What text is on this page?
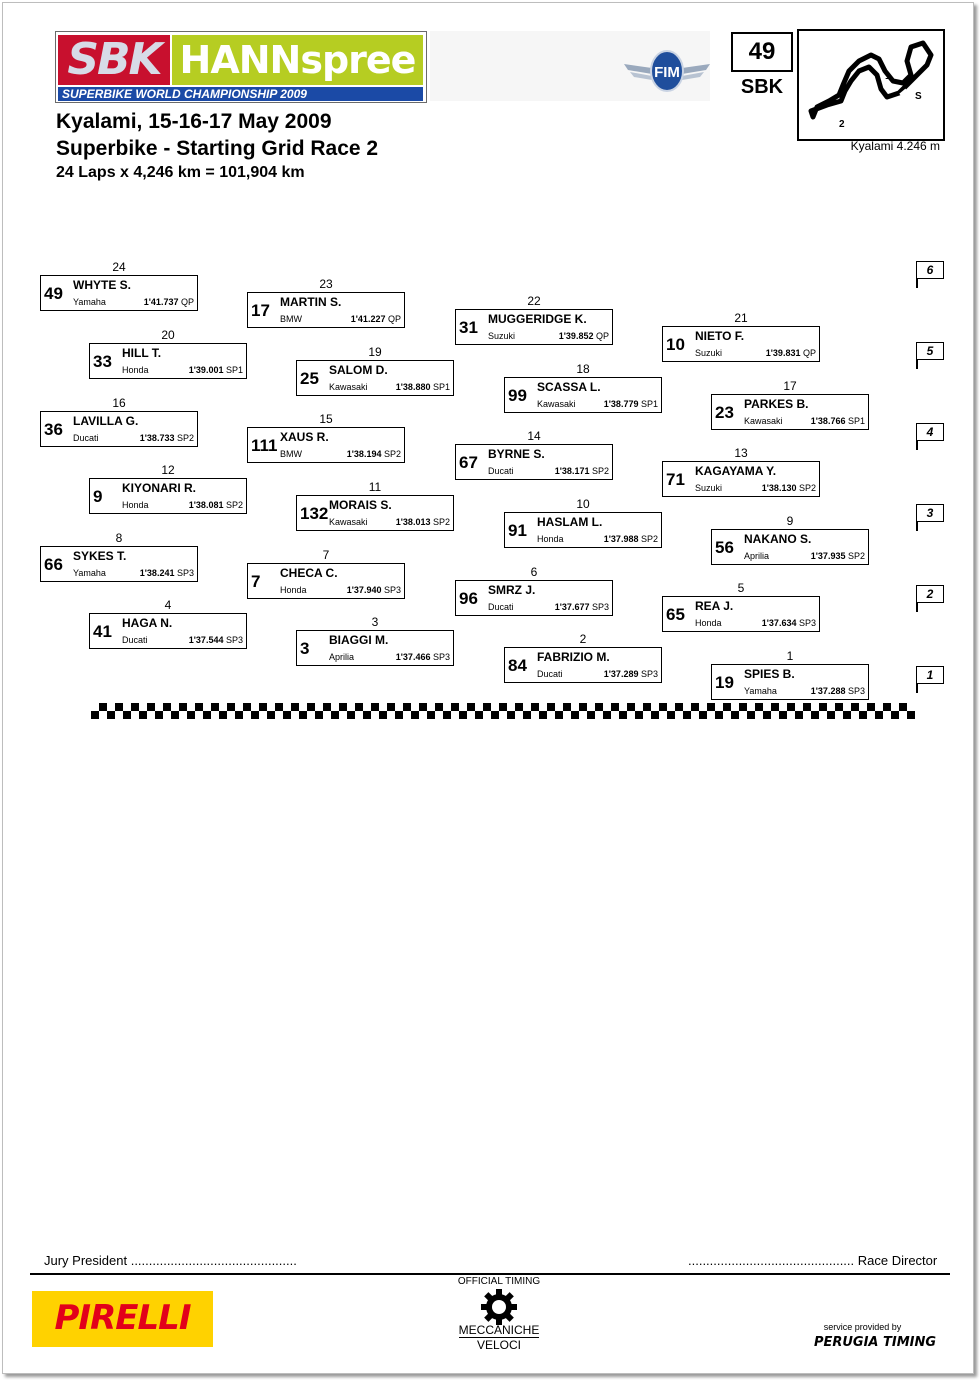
SBK HANNspree
SUPERBIKE WORLD CHAMPIONSHIP 2009
FIM
49
SBK	1
2
S
Kyalami 4.246 m
Kyalami, 15-16-17 May 2009
Superbike - Starting Grid Race 2
24 Laps x 4,246 km = 101,904 km
1
19 SPIES B.
Yamaha	1'37.288 SP3
2
84 FABRIZIO M.
Ducati	1'37.289 SP3
3
3 BIAGGI M.
Aprilia	1'37.466 SP3
4
41 HAGA N.
Ducati	1'37.544 SP3
5
65 REA J.
Honda	1'37.634 SP3
6
96 SMRZ J.
Ducati	1'37.677 SP3
7
7 CHECA C.
Honda	1'37.940 SP3
8
66 SYKES T.
Yamaha	1'38.241 SP3
9
56 NAKANO S.
Aprilia	1'37.935 SP2
10
91 HASLAM L.
Honda	1'37.988 SP2
11
132 MORAIS S.
Kawasaki	1'38.013 SP2
12
9 KIYONARI R.
Honda	1'38.081 SP2
13
71 KAGAYAMA Y.
Suzuki	1'38.130 SP2
14
67 BYRNE S.
Ducati	1'38.171 SP2
15
111 XAUS R.
BMW	1'38.194 SP2
16
36 LAVILLA G.
Ducati	1'38.733 SP2
17
23 PARKES B.
Kawasaki	1'38.766 SP1
18
99 SCASSA L.
Kawasaki	1'38.779 SP1
19
25 SALOM D.
Kawasaki	1'38.880 SP1
20
33 HILL T.
Honda	1'39.001 SP1
21
10 NIETO F.
Suzuki	1'39.831 QP
22
31 MUGGERIDGE K.
Suzuki	1'39.852 QP
23
17 MARTIN S.
BMW	1'41.227 QP
24
49 WHYTE S.
Yamaha	1'41.737 QP
1
2
3
4
5
6
Jury President ..............................................	.............................................. Race Director
PIRELLI
OFFICIAL TIMING
MECCANICHE
VELOCI
service provided by
PERUGIA TIMING
